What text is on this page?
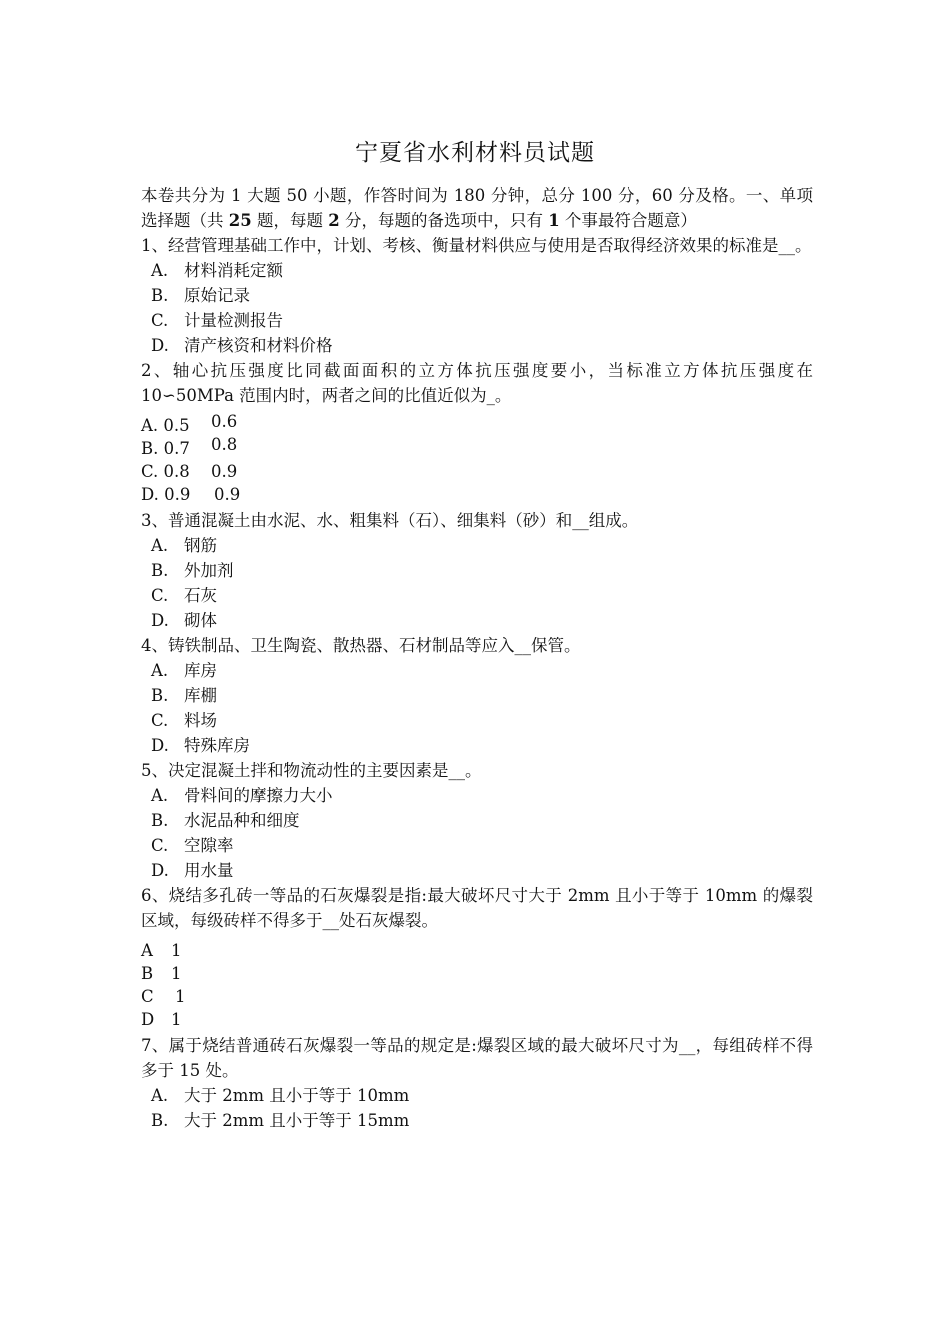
宁夏省水利材料员试题
本卷共分为 1 大题 50 小题，作答时间为 180 分钟，总分 100 分，60 分及格。一、单项选择题（共 25 题，每题 2 分，每题的备选项中，只有 1 个事最符合题意）
1、经营管理基础工作中，计划、考核、衡量材料供应与使用是否取得经济效果的标准是__。
A. 材料消耗定额
B. 原始记录
C. 计量检测报告
D. 清产核资和材料价格
2、轴心抗压强度比同截面面积的立方体抗压强度要小，当标准立方体抗压强度在 10∽50MPa 范围内时，两者之间的比值近似为_。
A. 0.5 0.6
B. 0.7 0.8
C. 0.8 0.9
D. 0.9 0.9
3、普通混凝土由水泥、水、粗集料（石）、细集料（砂）和__组成。
A. 钢筋
B. 外加剂
C. 石灰
D. 砌体
4、铸铁制品、卫生陶瓷、散热器、石材制品等应入__保管。
A. 库房
B. 库棚
C. 料场
D. 特殊库房
5、决定混凝土拌和物流动性的主要因素是__。
A. 骨料间的摩擦力大小
B. 水泥品种和细度
C. 空隙率
D. 用水量
6、烧结多孔砖一等品的石灰爆裂是指:最大破坏尺寸大于 2mm 且小于等于 10mm 的爆裂区域，每级砖样不得多于__处石灰爆裂。
A 1
B 1
C 1
D 1
7、属于烧结普通砖石灰爆裂一等品的规定是:爆裂区域的最大破坏尺寸为__，每组砖样不得多于 15 处。
A. 大于 2mm 且小于等于 10mm
B. 大于 2mm 且小于等于 15mm
